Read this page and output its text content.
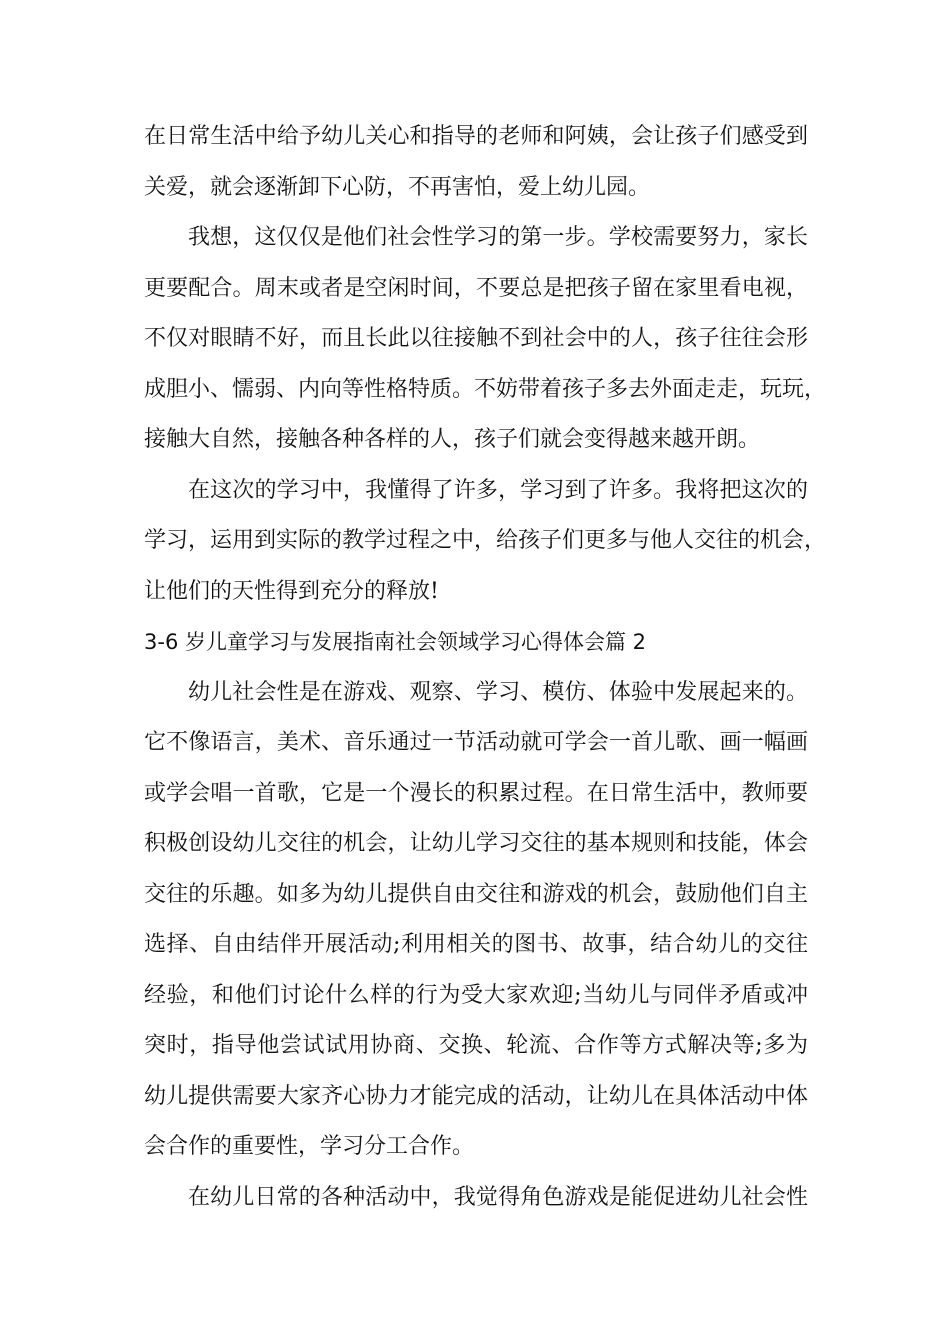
在日常生活中给予幼儿关心和指导的老师和阿姨，会让孩子们感受到
关爱，就会逐渐卸下心防，不再害怕，爱上幼儿园。
我想，这仅仅是他们社会性学习的第一步。学校需要努力，家长
更要配合。周末或者是空闲时间，不要总是把孩子留在家里看电视，
不仅对眼睛不好，而且长此以往接触不到社会中的人，孩子往往会形
成胆小、懦弱、内向等性格特质。不妨带着孩子多去外面走走，玩玩，
接触大自然，接触各种各样的人，孩子们就会变得越来越开朗。
在这次的学习中，我懂得了许多，学习到了许多。我将把这次的
学习，运用到实际的教学过程之中，给孩子们更多与他人交往的机会，
让他们的天性得到充分的释放!
3-6 岁儿童学习与发展指南社会领域学习心得体会篇 2
幼儿社会性是在游戏、观察、学习、模仿、体验中发展起来的。
它不像语言，美术、音乐通过一节活动就可学会一首儿歌、画一幅画
或学会唱一首歌，它是一个漫长的积累过程。在日常生活中，教师要
积极创设幼儿交往的机会，让幼儿学习交往的基本规则和技能，体会
交往的乐趣。如多为幼儿提供自由交往和游戏的机会，鼓励他们自主
选择、自由结伴开展活动;利用相关的图书、故事，结合幼儿的交往
经验，和他们讨论什么样的行为受大家欢迎;当幼儿与同伴矛盾或冲
突时，指导他尝试试用协商、交换、轮流、合作等方式解决等;多为
幼儿提供需要大家齐心协力才能完成的活动，让幼儿在具体活动中体
会合作的重要性，学习分工合作。
在幼儿日常的各种活动中，我觉得角色游戏是能促进幼儿社会性
